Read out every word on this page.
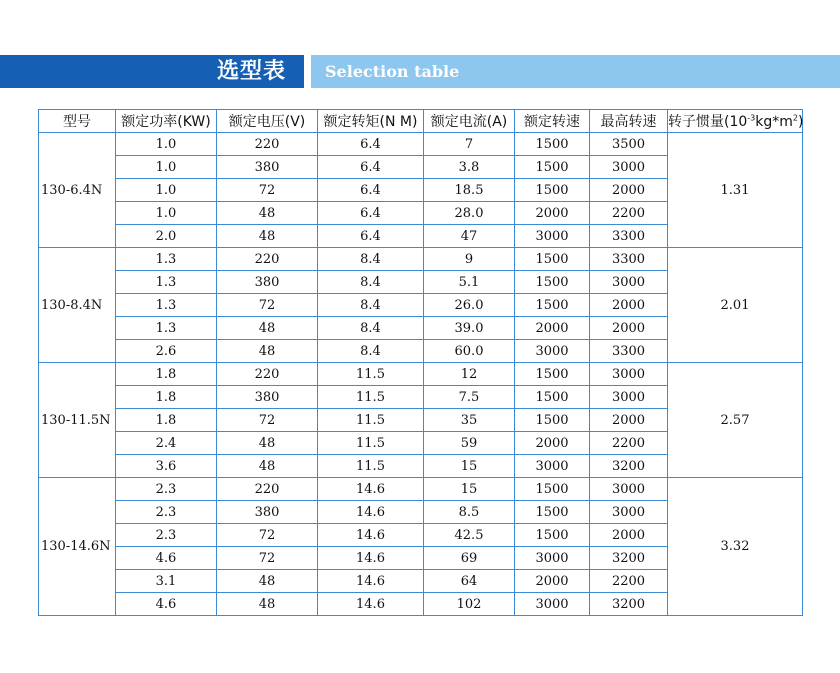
选型表 Selection table
型号	额定功率(KW)	额定电压(V)	额定转矩(N M)	额定电流(A)	额定转速	最高转速	转子惯量$(10^{-3}kg*m^2)$
130-6.4N	1.0	220	6.4	7	1500	3500	1.31
	1.0	380	6.4	3.8	1500	3000	
	1.0	72	6.4	18.5	1500	2000	
	1.0	48	6.4	28.0	2000	2200	
	2.0	48	6.4	47	3000	3300	
130-8.4N	1.3	220	8.4	9	1500	3300	2.01
	1.3	380	8.4	5.1	1500	3000	
	1.3	72	8.4	26.0	1500	2000	
	1.3	48	8.4	39.0	2000	2000	
	2.6	48	8.4	60.0	3000	3300	
130-11.5N	1.8	220	11.5	12	1500	3000	2.57
	1.8	380	11.5	7.5	1500	3000	
	1.8	72	11.5	35	1500	2000	
	2.4	48	11.5	59	2000	2200	
	3.6	48	11.5	15	3000	3200	
130-14.6N	2.3	220	14.6	15	1500	3000	3.32
	2.3	380	14.6	8.5	1500	3000	
	2.3	72	14.6	42.5	1500	2000	
	4.6	72	14.6	69	3000	3200	
	3.1	48	14.6	64	2000	2200	
	4.6	48	14.6	102	3000	3200	
